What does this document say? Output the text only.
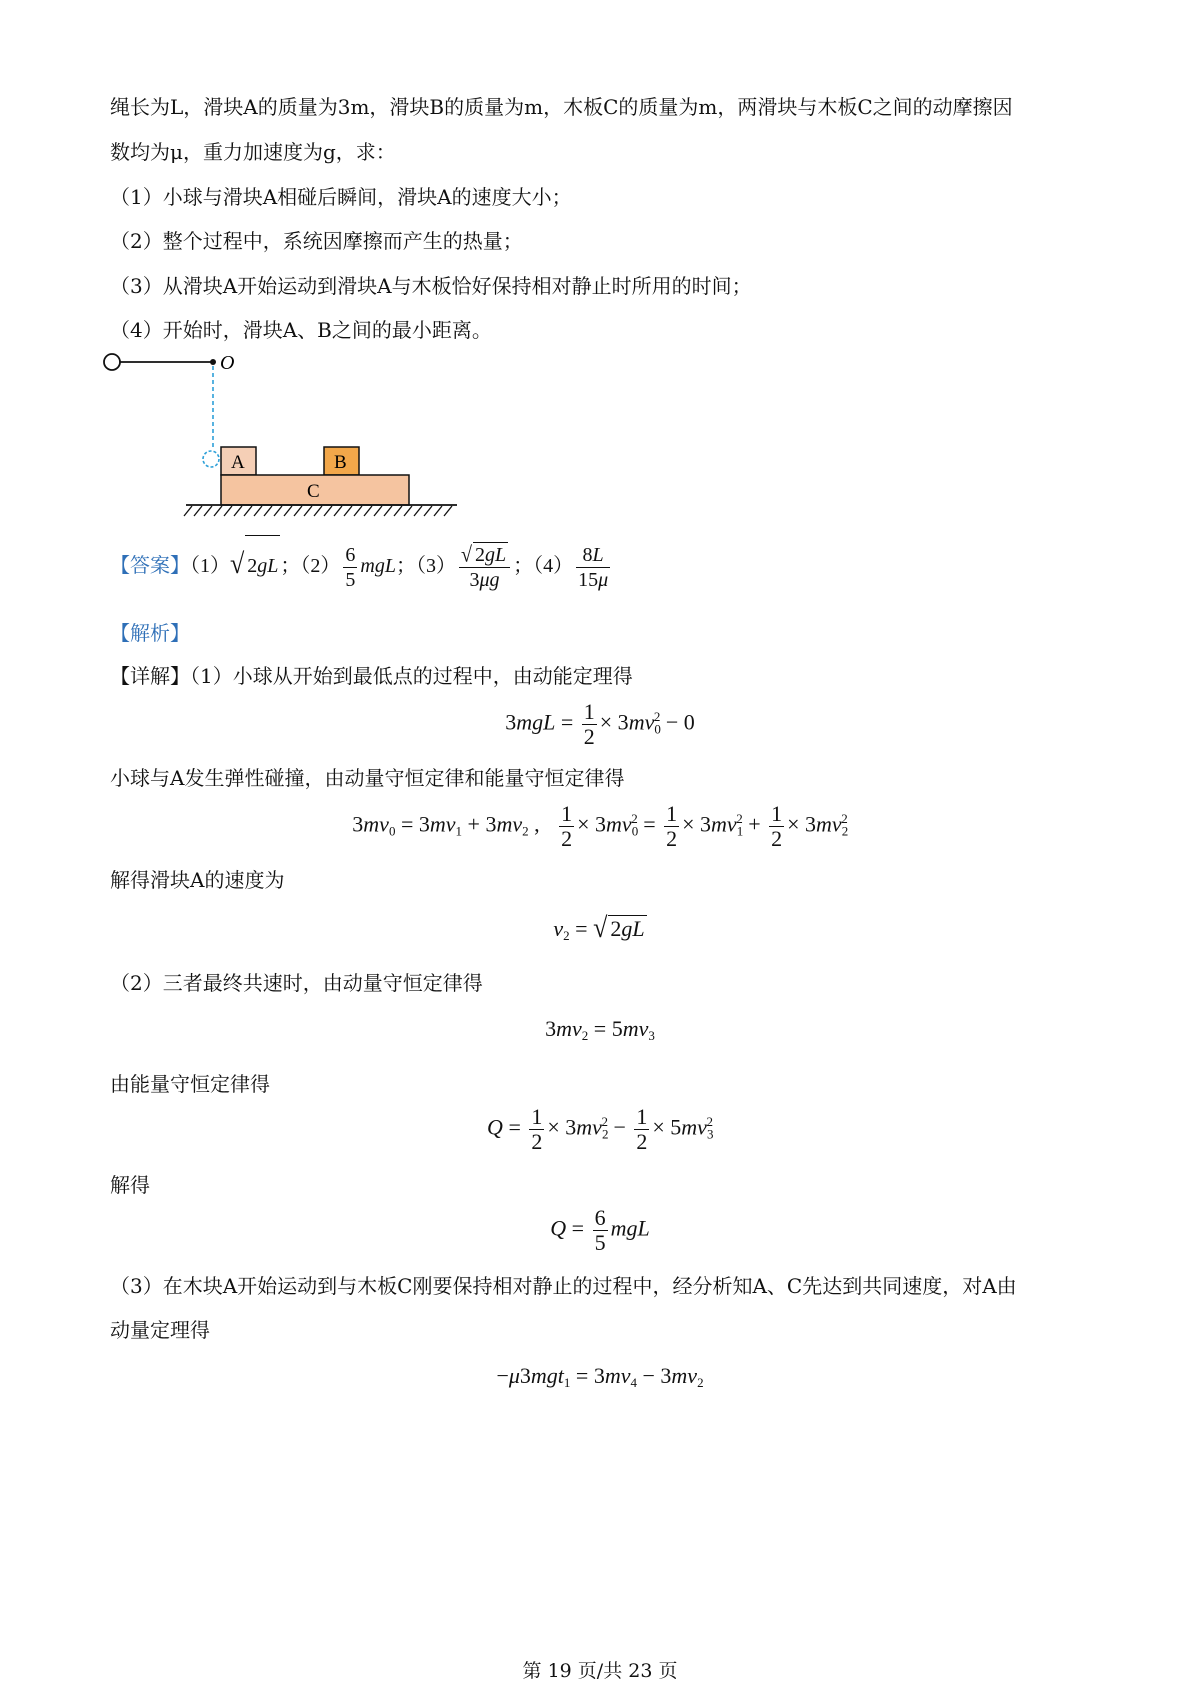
绳长为L，滑块A的质量为3m，滑块B的质量为m，木板C的质量为m，两滑块与木板C之间的动摩擦因
数均为μ，重力加速度为g，求：
（1）小球与滑块A相碰后瞬间，滑块A的速度大小；
（2）整个过程中，系统因摩擦而产生的热量；
（3）从滑块A开始运动到滑块A与木板恰好保持相对静止时所用的时间；
（4）开始时，滑块A、B之间的最小距离。
O
A	B
C
【答案】（1）√ 2gL ；$(2) \frac{6}{5}$ mgL；$(3) \frac{√ 2gL}{3\mu g}$ ；$(4) \frac{8L}{15\mu}$
【解析】
【详解】（1）小球从开始到最低点的过程中，由动能定理得
$3mgL = \frac{1}{2} \times 3mv_0^2 - 0$
小球与A发生弹性碰撞，由动量守恒定律和能量守恒定律得
$3mv_0 = 3mv_1 + 3mv_2$ , $\frac{1}{2} \times 3mv_0^2 = \frac{1}{2} \times 3mv_1^2 + \frac{1}{2} \times 3mv_2^2$
解得滑块A的速度为
$v_2$ = √ 2gL
（2）三者最终共速时，由动量守恒定律得
$3mv_2 = 5mv_3$
由能量守恒定律得
$Q = \frac{1}{2} \times 3mv_2^2 - \frac{1}{2} \times 5mv_3^2$
解得
$Q = \frac{6}{5}$ mgL
（3）在木块A开始运动到与木板C刚要保持相对静止的过程中，经分析知A、C先达到共同速度，对A由
动量定理得
$-\mu 3mgt_1 = 3mv_4 - 3mv_2$
第 19 页/共 23 页
